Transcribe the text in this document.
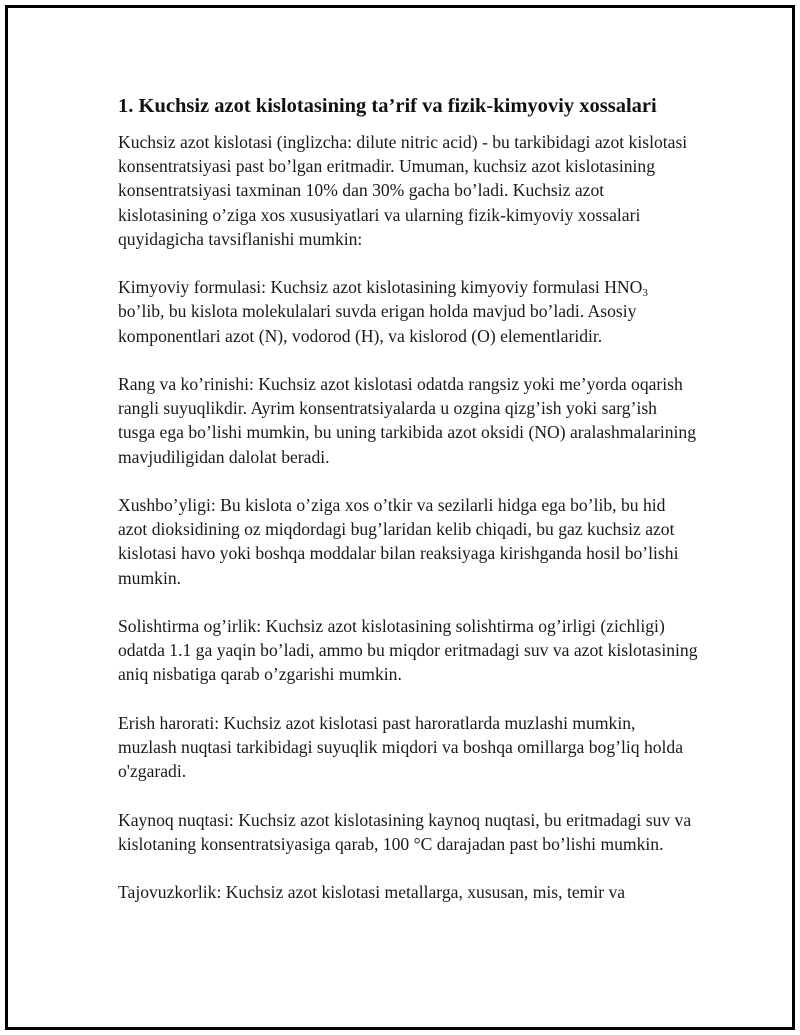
1. Kuchsiz azot kislotasining ta’rif va fizik-kimyoviy xossalari

Kuchsiz azot kislotasi (inglizcha: dilute nitric acid) - bu tarkibidagi azot kislotasi konsentratsiyasi past bo’lgan eritmadir. Umuman, kuchsiz azot kislotasining konsentratsiyasi taxminan 10% dan 30% gacha bo’ladi. Kuchsiz azot kislotasining o’ziga xos xususiyatlari va ularning fizik-kimyoviy xossalari quyidagicha tavsiflanishi mumkin:

Kimyoviy formulasi: Kuchsiz azot kislotasining kimyoviy formulasi $HNO_3$ bo’lib, bu kislota molekulalari suvda erigan holda mavjud bo’ladi. Asosiy komponentlari azot (N), vodorod (H), va kislorod (O) elementlaridir.

Rang va ko’rinishi: Kuchsiz azot kislotasi odatda rangsiz yoki me’yorda oqarish rangli suyuqlikdir. Ayrim konsentratsiyalarda u ozgina qizg’ish yoki sarg’ish tusga ega bo’lishi mumkin, bu uning tarkibida azot oksidi (NO) aralashmalarining mavjudiligidan dalolat beradi.

Xushbo’yligi: Bu kislota o’ziga xos o’tkir va sezilarli hidga ega bo’lib, bu hid azot dioksidining oz miqdordagi bug’laridan kelib chiqadi, bu gaz kuchsiz azot kislotasi havo yoki boshqa moddalar bilan reaksiyaga kirishganda hosil bo’lishi mumkin.

Solishtirma og’irlik: Kuchsiz azot kislotasining solishtirma og’irligi (zichligi) odatda 1.1 ga yaqin bo’ladi, ammo bu miqdor eritmadagi suv va azot kislotasining aniq nisbatiga qarab o’zgarishi mumkin.

Erish harorati: Kuchsiz azot kislotasi past haroratlarda muzlashi mumkin, muzlash nuqtasi tarkibidagi suyuqlik miqdori va boshqa omillarga bog’liq holda o'zgaradi.

Kaynoq nuqtasi: Kuchsiz azot kislotasining kaynoq nuqtasi, bu eritmadagi suv va kislotaning konsentratsiyasiga qarab, 100 °C darajadan past bo’lishi mumkin.

Tajovuzkorlik: Kuchsiz azot kislotasi metallarga, xususan, mis, temir va
